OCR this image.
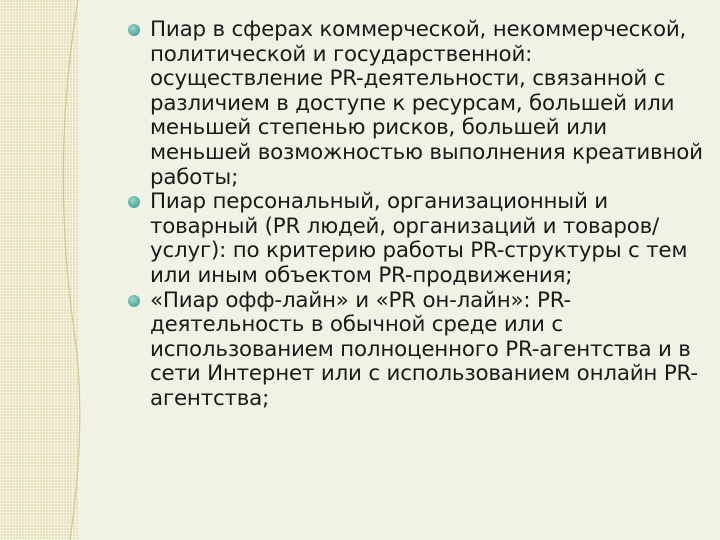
Пиар в сферах коммерческой, некоммерческой, политической и государственной: осуществление PR-деятельности, связанной с различием в доступе к ресурсам, большей или меньшей степенью рисков, большей или меньшей возможностью выполнения креативной работы;
Пиар персональный, организационный и товарный (PR людей, организаций и товаров/услуг): по критерию работы PR-структуры с тем или иным объектом PR-продвижения;
«Пиар офф-лайн» и «PR он-лайн»: PR-деятельность в обычной среде или с использованием полноценного PR-агентства и в сети Интернет или с использованием онлайн PR-агентства;
